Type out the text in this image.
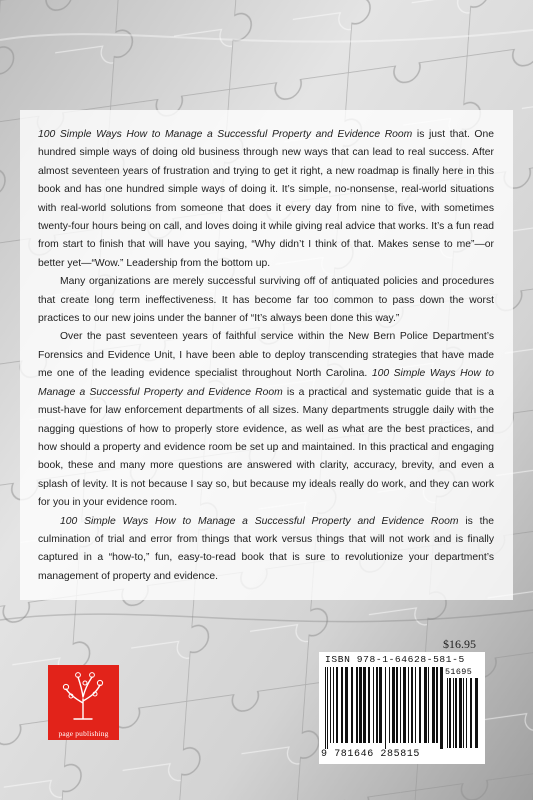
100 Simple Ways How to Manage a Successful Property and Evidence Room is just that. One hundred simple ways of doing old business through new ways that can lead to real success. After almost seventeen years of frustration and trying to get it right, a new roadmap is finally here in this book and has one hundred simple ways of doing it. It’s simple, no-nonsense, real-world situations with real-world solutions from someone that does it every day from nine to five, with sometimes twenty-four hours being on call, and loves doing it while giving real advice that works. It’s a fun read from start to finish that will have you saying, “Why didn’t I think of that. Makes sense to me”—or better yet—“Wow.” Leadership from the bottom up.

Many organizations are merely successful surviving off of antiquated policies and procedures that create long term ineffectiveness. It has become far too common to pass down the worst practices to our new joins under the banner of “It’s always been done this way.”

Over the past seventeen years of faithful service within the New Bern Police Department’s Forensics and Evidence Unit, I have been able to deploy transcending strategies that have made me one of the leading evidence specialist throughout North Carolina. 100 Simple Ways How to Manage a Successful Property and Evidence Room is a practical and systematic guide that is a must-have for law enforcement departments of all sizes. Many departments struggle daily with the nagging questions of how to properly store evidence, as well as what are the best practices, and how should a property and evidence room be set up and maintained. In this practical and engaging book, these and many more questions are answered with clarity, accuracy, brevity, and even a splash of levity. It is not because I say so, but because my ideals really do work, and they can work for you in your evidence room.

100 Simple Ways How to Manage a Successful Property and Evidence Room is the culmination of trial and error from things that work versus things that will not work and is finally captured in a “how-to,” fun, easy-to-read book that is sure to revolutionize your department’s management of property and evidence.

$16.95
ISBN 978-1-64628-581-5
51695
9 781646 285815
page publishing
